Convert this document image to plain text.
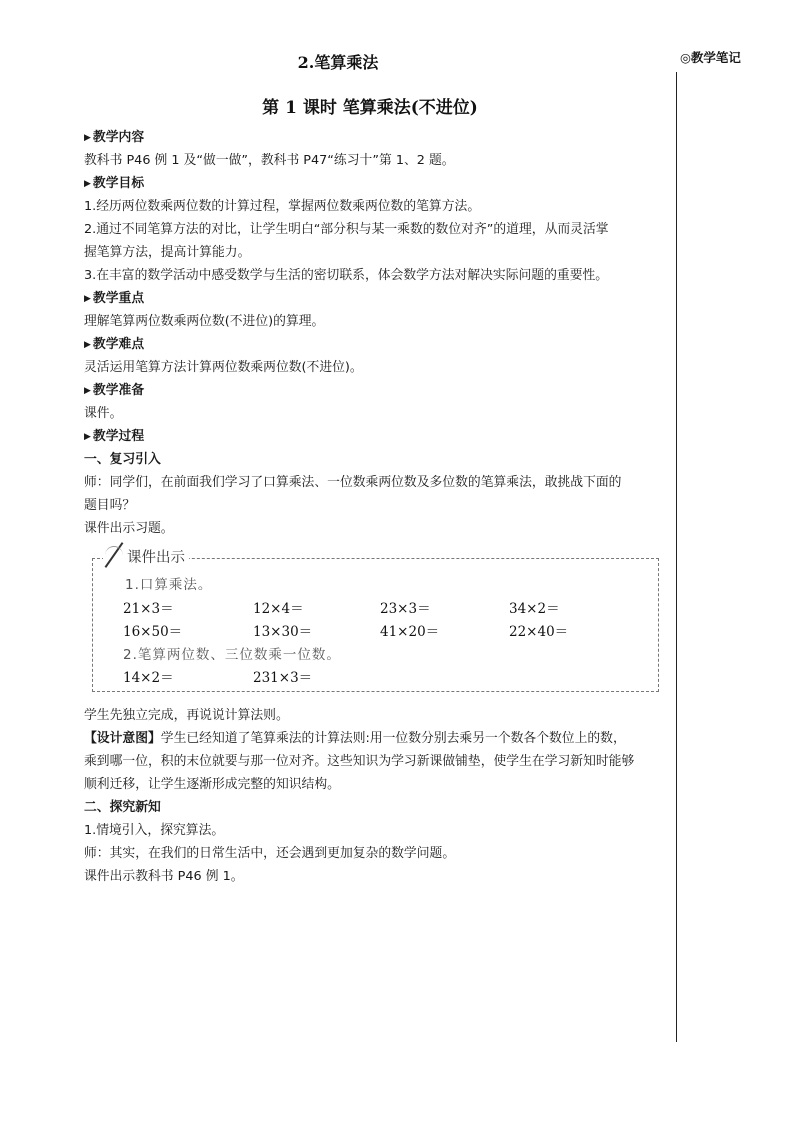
2.笔算乘法
第 1 课时 笔算乘法(不进位)
◎教学笔记
▶ 教学内容
教科书 P46 例 1 及“做一做”，教科书 P47“练习十”第 1、2 题。
▶ 教学目标
1.经历两位数乘两位数的计算过程，掌握两位数乘两位数的笔算方法。
2.通过不同笔算方法的对比，让学生明白“部分积与某一乘数的数位对齐”的道理，从而灵活掌
握笔算方法，提高计算能力。
3.在丰富的数学活动中感受数学与生活的密切联系，体会数学方法对解决实际问题的重要性。
▶ 教学重点
理解笔算两位数乘两位数(不进位)的算理。
▶ 教学难点
灵活运用笔算方法计算两位数乘两位数(不进位)。
▶ 教学准备
课件。
▶ 教学过程
一、复习引入
师：同学们，在前面我们学习了口算乘法、一位数乘两位数及多位数的笔算乘法，敢挑战下面的
题目吗？
课件出示习题。
课件出示
1.口算乘法。
21×3＝	12×4＝	23×3＝	34×2＝
16×50＝	13×30＝	41×20＝	22×40＝
2.笔算两位数、三位数乘一位数。
14×2＝	231×3＝
学生先独立完成，再说说计算法则。
【设计意图】学生已经知道了笔算乘法的计算法则:用一位数分别去乘另一个数各个数位上的数，
乘到哪一位，积的末位就要与那一位对齐。这些知识为学习新课做铺垫，使学生在学习新知时能够
顺利迁移，让学生逐渐形成完整的知识结构。
二、探究新知
1.情境引入，探究算法。
师：其实，在我们的日常生活中，还会遇到更加复杂的数学问题。
课件出示教科书 P46 例 1。
